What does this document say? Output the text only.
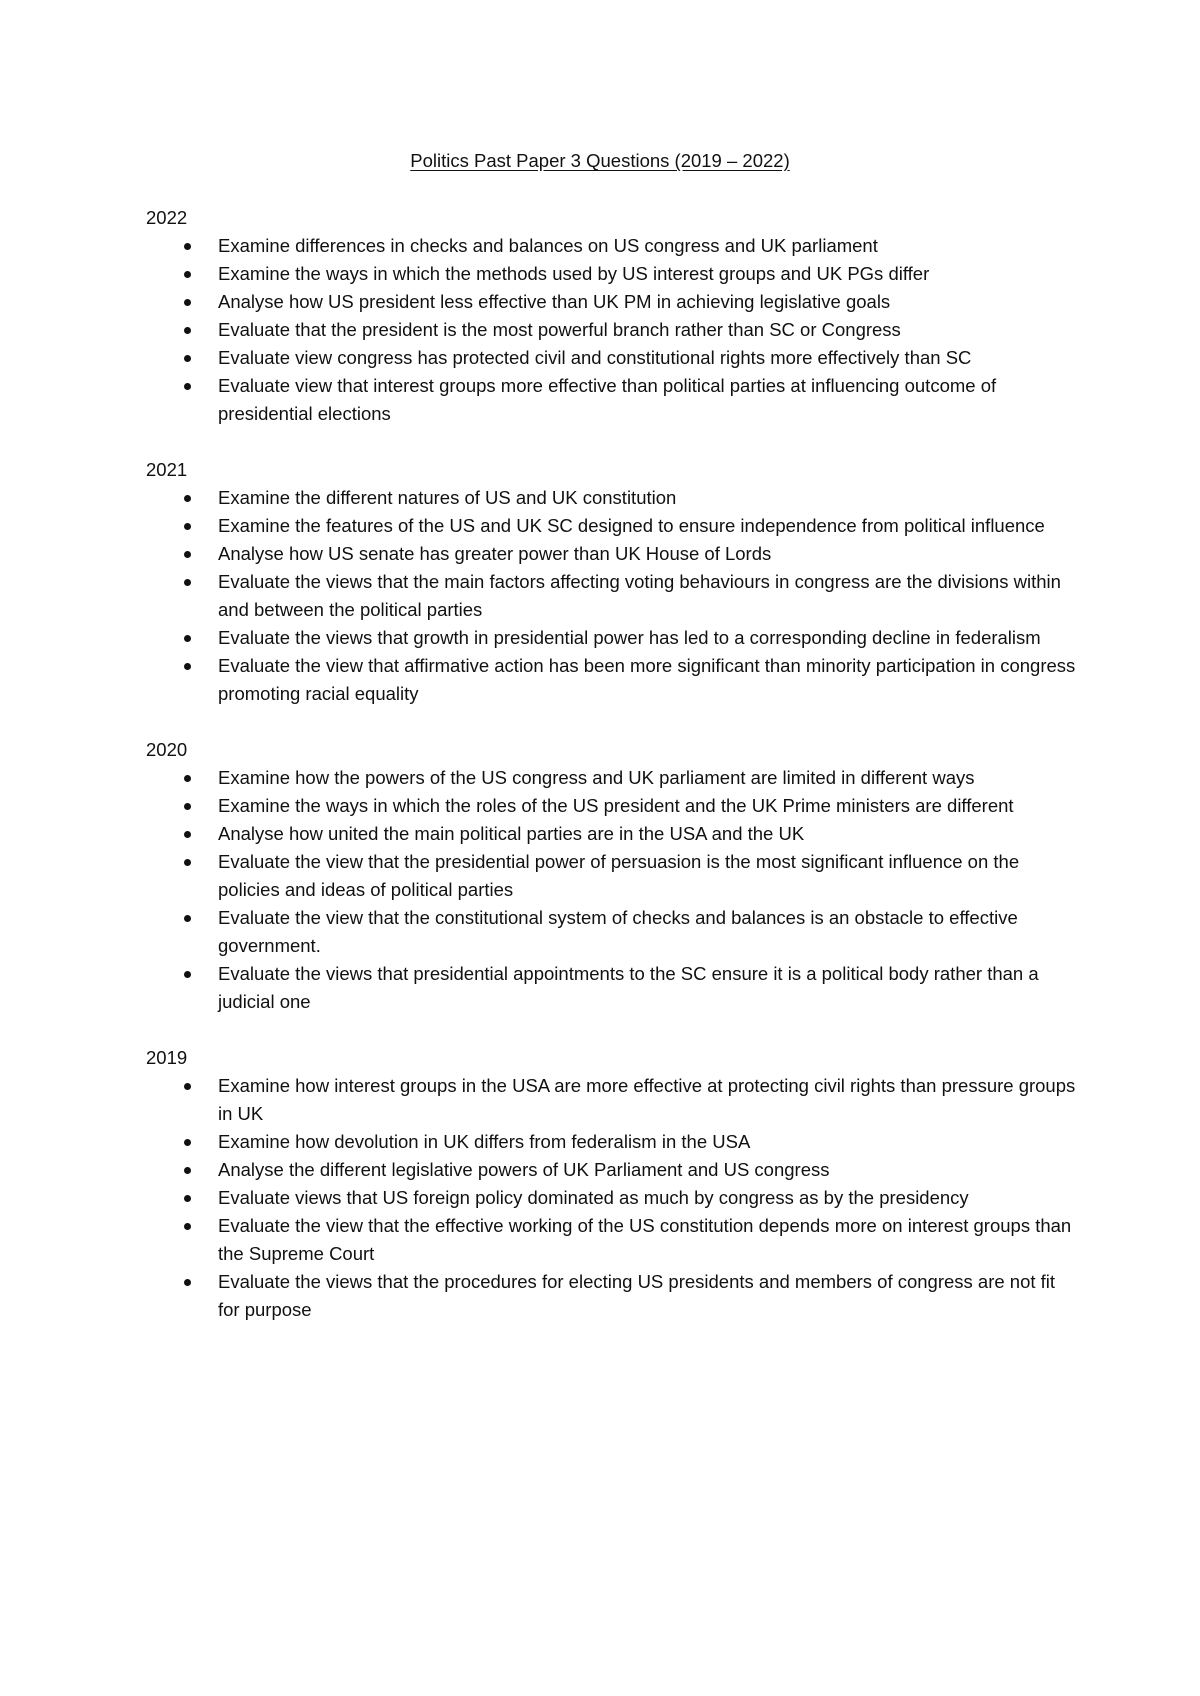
Politics Past Paper 3 Questions (2019 – 2022)

2022

Examine differences in checks and balances on US congress and UK parliament
Examine the ways in which the methods used by US interest groups and UK PGs differ
Analyse how US president less effective than UK PM in achieving legislative goals
Evaluate that the president is the most powerful branch rather than SC or Congress
Evaluate view congress has protected civil and constitutional rights more effectively than SC
Evaluate view that interest groups more effective than political parties at influencing outcome of presidential elections

2021

Examine the different natures of US and UK constitution
Examine the features of the US and UK SC designed to ensure independence from political influence
Analyse how US senate has greater power than UK House of Lords
Evaluate the views that the main factors affecting voting behaviours in congress are the divisions within and between the political parties
Evaluate the views that growth in presidential power has led to a corresponding decline in federalism
Evaluate the view that affirmative action has been more significant than minority participation in congress promoting racial equality

2020

Examine how the powers of the US congress and UK parliament are limited in different ways
Examine the ways in which the roles of the US president and the UK Prime ministers are different
Analyse how united the main political parties are in the USA and the UK
Evaluate the view that the presidential power of persuasion is the most significant influence on the policies and ideas of political parties
Evaluate the view that the constitutional system of checks and balances is an obstacle to effective government.
Evaluate the views that presidential appointments to the SC ensure it is a political body rather than a judicial one

2019

Examine how interest groups in the USA are more effective at protecting civil rights than pressure groups in UK
Examine how devolution in UK differs from federalism in the USA
Analyse the different legislative powers of UK Parliament and US congress
Evaluate views that US foreign policy dominated as much by congress as by the presidency
Evaluate the view that the effective working of the US constitution depends more on interest groups than the Supreme Court
Evaluate the views that the procedures for electing US presidents and members of congress are not fit for purpose
